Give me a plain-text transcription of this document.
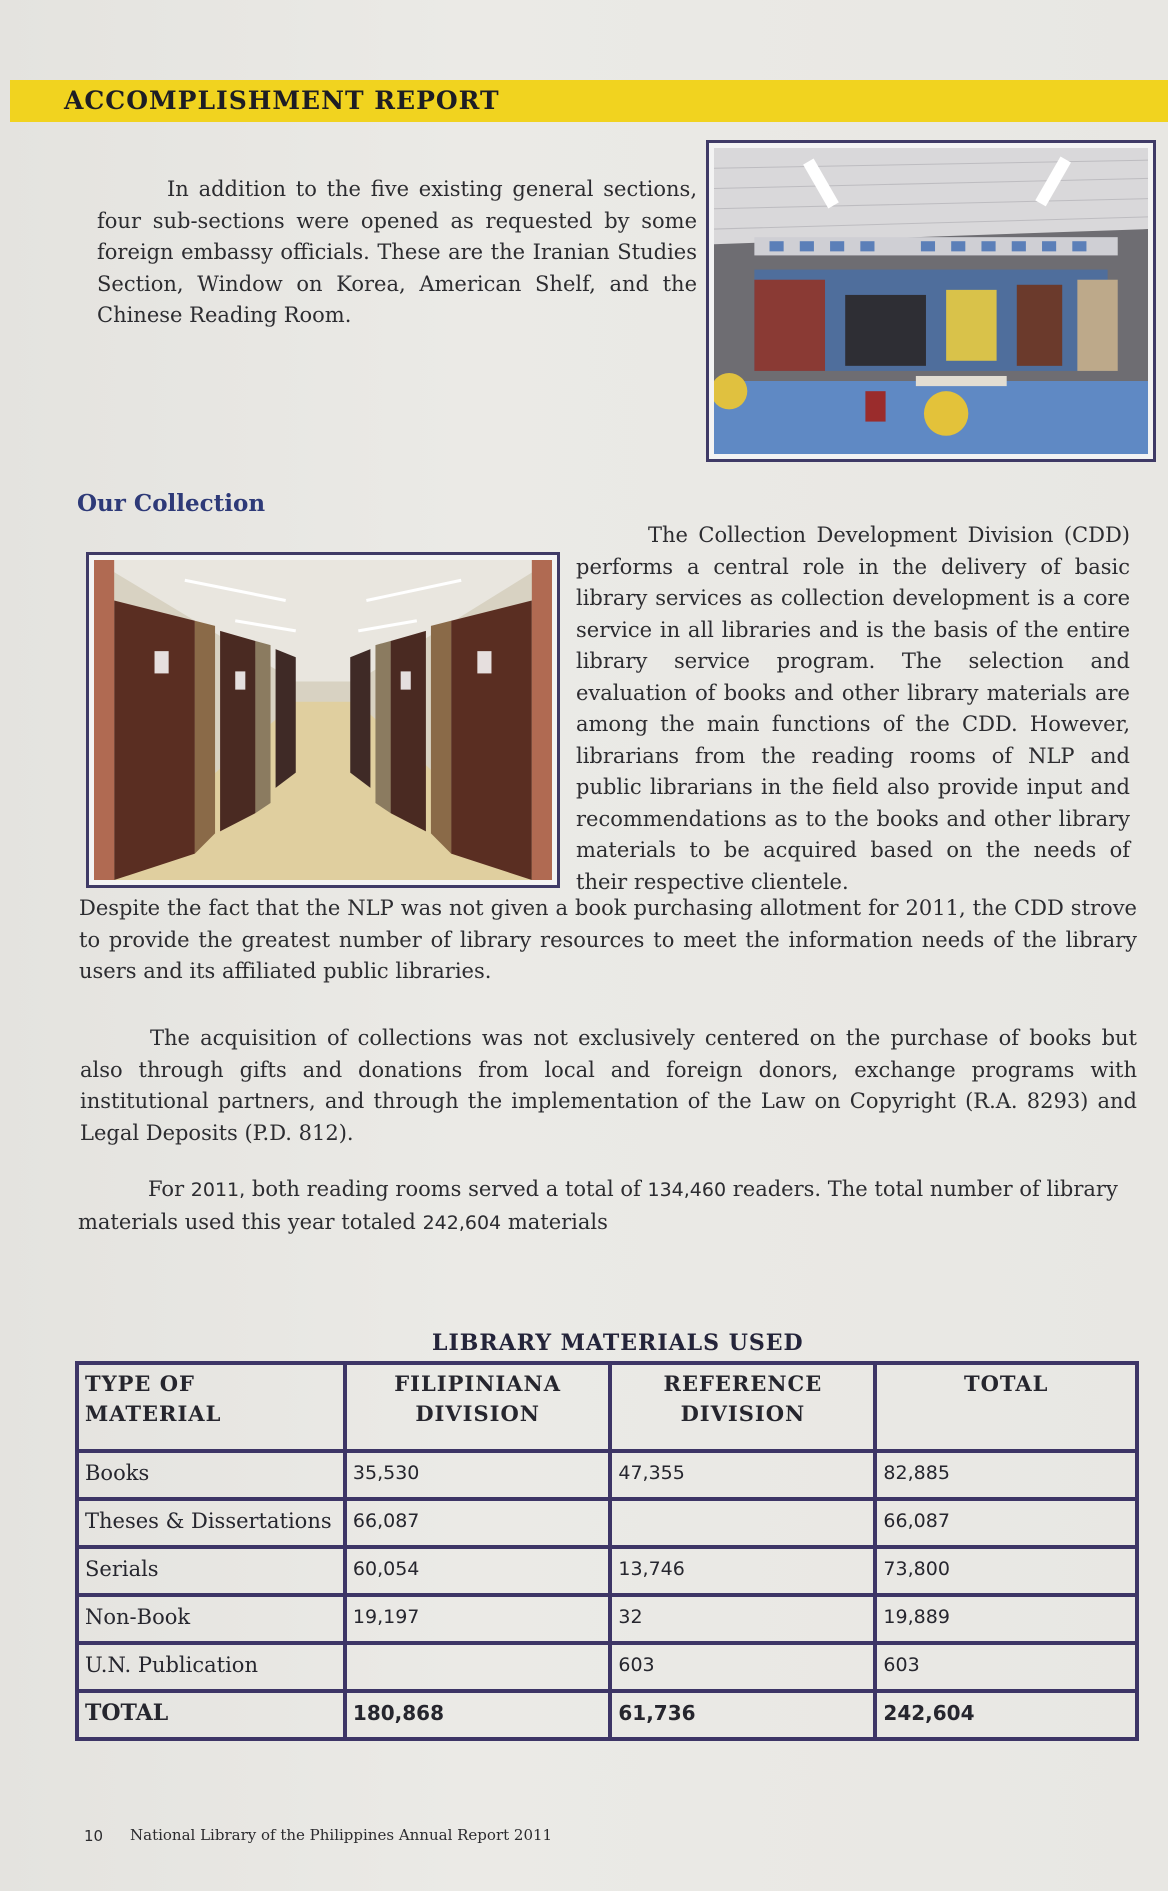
ACCOMPLISHMENT REPORT
In addition to the five existing general sections, four sub-sections were opened as requested by some foreign embassy officials. These are the Iranian Studies Section, Window on Korea, American Shelf, and the Chinese Reading Room.
Our Collection
The Collection Development Division (CDD) performs a central role in the delivery of basic library services as collection development is a core service in all libraries and is the basis of the entire library service program. The selection and evaluation of books and other library materials are among the main functions of the CDD. However, librarians from the reading rooms of NLP and public librarians in the field also provide input and recommendations as to the books and other library materials to be acquired based on the needs of their respective clientele.
Despite the fact that the NLP was not given a book purchasing allotment for 2011, the CDD strove to provide the greatest number of library resources to meet the information needs of the library users and its affiliated public libraries.
The acquisition of collections was not exclusively centered on the purchase of books but also through gifts and donations from local and foreign donors, exchange programs with institutional partners, and through the implementation of the Law on Copyright (R.A. 8293) and Legal Deposits (P.D. 812).
For 2011, both reading rooms served a total of 134,460 readers. The total number of library materials used this year totaled 242,604 materials
LIBRARY MATERIALS USED
TYPE OF MATERIAL	FILIPINIANA DIVISION	REFERENCE DIVISION	TOTAL
Books	35,530	47,355	82,885
Theses & Dissertations	66,087		66,087
Serials	60,054	13,746	73,800
Non-Book	19,197	32	19,889
U.N. Publication		603	603
TOTAL	180,868	61,736	242,604
10 National Library of the Philippines Annual Report 2011
